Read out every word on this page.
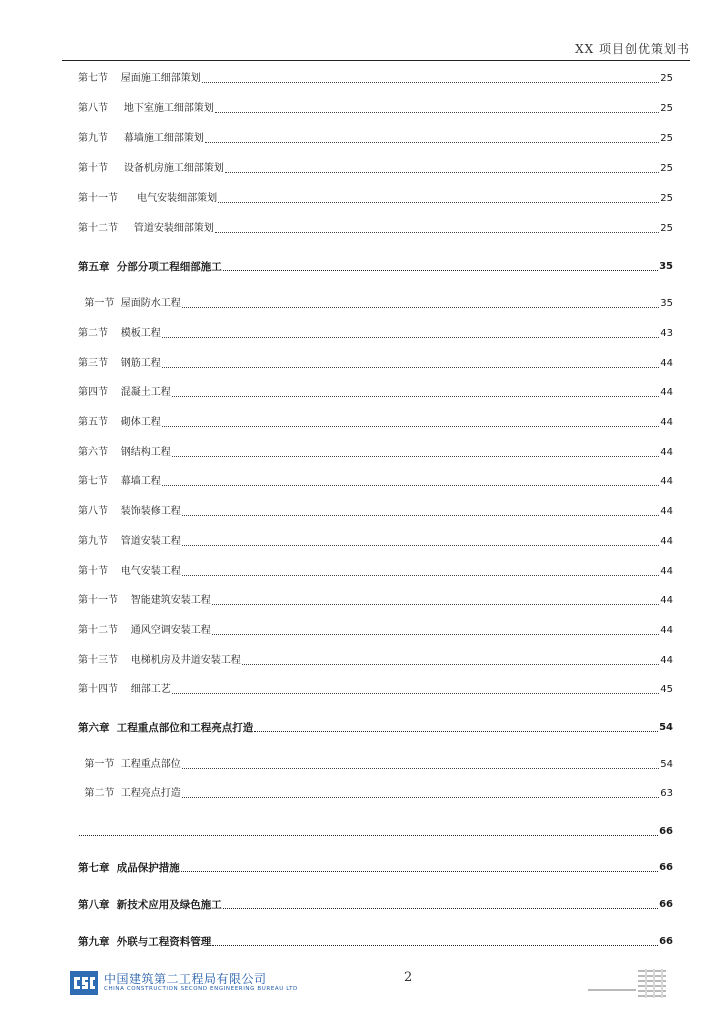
XX 项目创优策划书
第七节    屋面施工细部策划	25
第八节     地下室施工细部策划	25
第九节     幕墙施工细部策划	25
第十节     设备机房施工细部策划	25
第十一节      电气安装细部策划	25
第十二节     管道安装细部策划	25
第五章  分部分项工程细部施工	35
第一节  屋面防水工程	35
第二节    模板工程	43
第三节    钢筋工程	44
第四节    混凝土工程	44
第五节    砌体工程	44
第六节    钢结构工程	44
第七节    幕墙工程	44
第八节    装饰装修工程	44
第九节    管道安装工程	44
第十节    电气安装工程	44
第十一节    智能建筑安装工程	44
第十二节    通风空调安装工程	44
第十三节    电梯机房及井道安装工程	44
第十四节    细部工艺	45
第六章  工程重点部位和工程亮点打造	54
第一节  工程重点部位	54
第二节  工程亮点打造	63
66
第七章  成品保护措施	66
第八章  新技术应用及绿色施工	66
第九章  外联与工程资料管理	66
中国建筑第二工程局有限公司
CHINA CONSTRUCTION SECOND ENGINEERING BUREAU LTD
2
